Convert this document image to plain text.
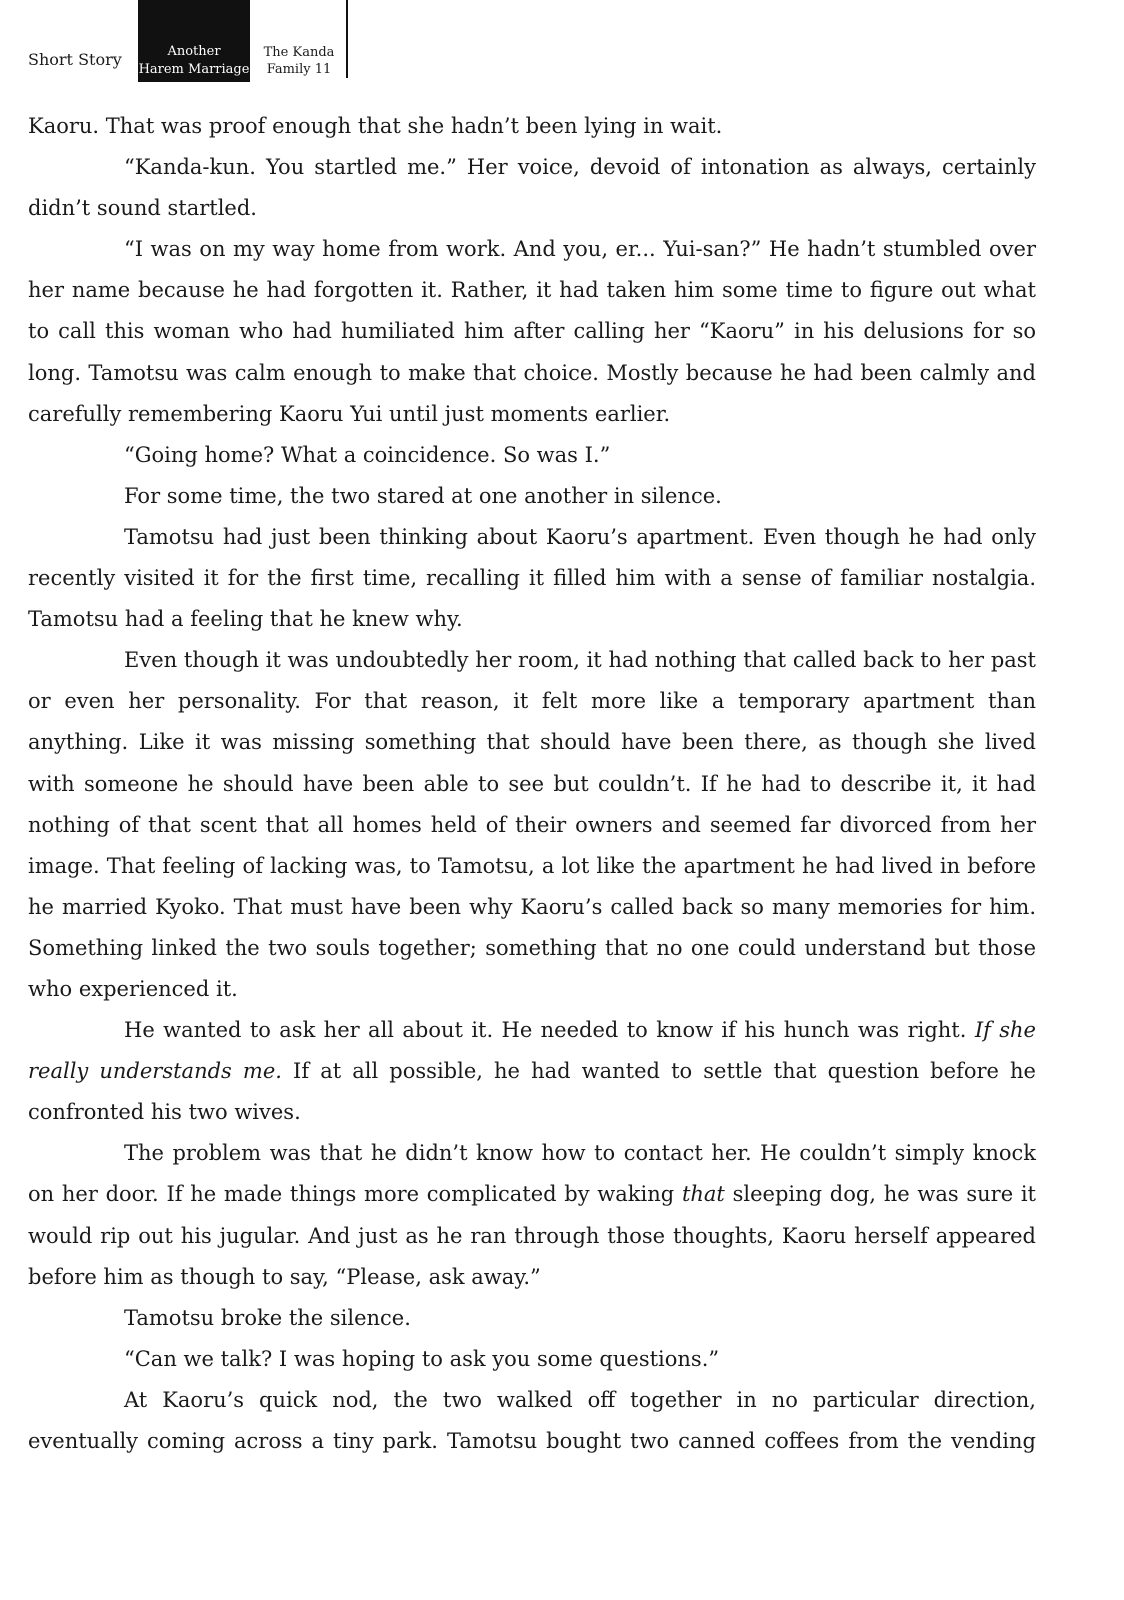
Short Story	Another
Harem Marriage
The Kanda
Family 11

Kaoru. That was proof enough that she hadn’t been lying in wait.

“Kanda-kun. You startled me.” Her voice, devoid of intonation as always, certainly didn’t sound startled.

“I was on my way home from work. And you, er... Yui-san?” He hadn’t stumbled over her name because he had forgotten it. Rather, it had taken him some time to figure out what to call this woman who had humiliated him after calling her “Kaoru” in his delusions for so long. Tamotsu was calm enough to make that choice. Mostly because he had been calmly and carefully remembering Kaoru Yui until just moments earlier.

“Going home? What a coincidence. So was I.”

For some time, the two stared at one another in silence.

Tamotsu had just been thinking about Kaoru’s apartment. Even though he had only recently visited it for the first time, recalling it filled him with a sense of familiar nostalgia. Tamotsu had a feeling that he knew why.

Even though it was undoubtedly her room, it had nothing that called back to her past or even her personality. For that reason, it felt more like a temporary apartment than anything. Like it was missing something that should have been there, as though she lived with someone he should have been able to see but couldn’t. If he had to describe it, it had nothing of that scent that all homes held of their owners and seemed far divorced from her image. That feeling of lacking was, to Tamotsu, a lot like the apartment he had lived in before he married Kyoko. That must have been why Kaoru’s called back so many memories for him. Something linked the two souls together; something that no one could understand but those who experienced it.

He wanted to ask her all about it. He needed to know if his hunch was right. If she really understands me. If at all possible, he had wanted to settle that question before he confronted his two wives.

The problem was that he didn’t know how to contact her. He couldn’t simply knock on her door. If he made things more complicated by waking that sleeping dog, he was sure it would rip out his jugular. And just as he ran through those thoughts, Kaoru herself appeared before him as though to say, “Please, ask away.”

Tamotsu broke the silence.

“Can we talk? I was hoping to ask you some questions.”

At Kaoru’s quick nod, the two walked off together in no particular direction, eventually coming across a tiny park. Tamotsu bought two canned coffees from the vending
